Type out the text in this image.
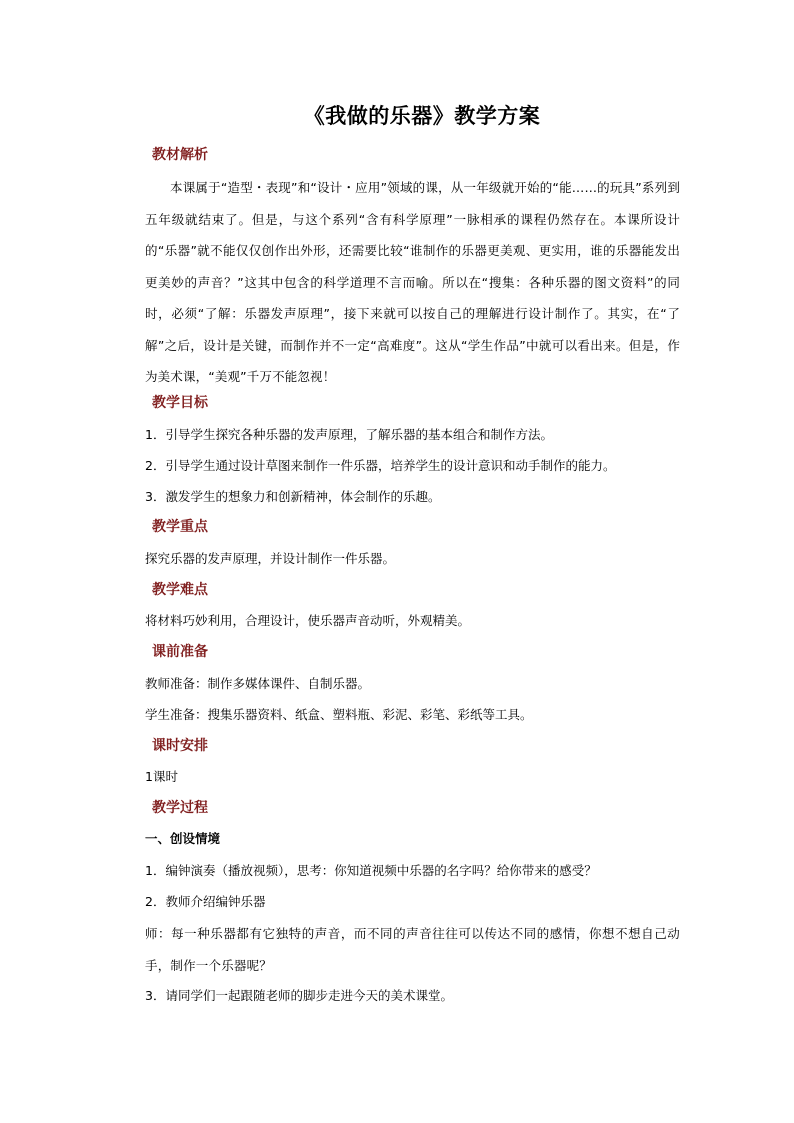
《我做的乐器》教学方案
教材解析
本课属于“造型・表现”和“设计・应用”领域的课，从一年级就开始的“能……的玩具”系列到五年级就结束了。但是，与这个系列“含有科学原理”一脉相承的课程仍然存在。本课所设计的“乐器”就不能仅仅创作出外形，还需要比较“谁制作的乐器更美观、更实用，谁的乐器能发出更美妙的声音？”这其中包含的科学道理不言而喻。所以在“搜集：各种乐器的图文资料”的同时，必须“了解：乐器发声原理”，接下来就可以按自己的理解进行设计制作了。其实，在“了解”之后，设计是关键，而制作并不一定“高难度”。这从“学生作品”中就可以看出来。但是，作为美术课，“美观”千万不能忽视！
教学目标
1．引导学生探究各种乐器的发声原理，了解乐器的基本组合和制作方法。
2．引导学生通过设计草图来制作一件乐器，培养学生的设计意识和动手制作的能力。
3．激发学生的想象力和创新精神，体会制作的乐趣。
教学重点
探究乐器的发声原理，并设计制作一件乐器。
教学难点
将材料巧妙利用，合理设计，使乐器声音动听，外观精美。
课前准备
教师准备：制作多媒体课件、自制乐器。
学生准备：搜集乐器资料、纸盒、塑料瓶、彩泥、彩笔、彩纸等工具。
课时安排
1课时
教学过程
一、创设情境
1．编钟演奏（播放视频），思考：你知道视频中乐器的名字吗？给你带来的感受？
2．教师介绍编钟乐器
师：每一种乐器都有它独特的声音，而不同的声音往往可以传达不同的感情，你想不想自己动手，制作一个乐器呢？
3．请同学们一起跟随老师的脚步走进今天的美术课堂。
